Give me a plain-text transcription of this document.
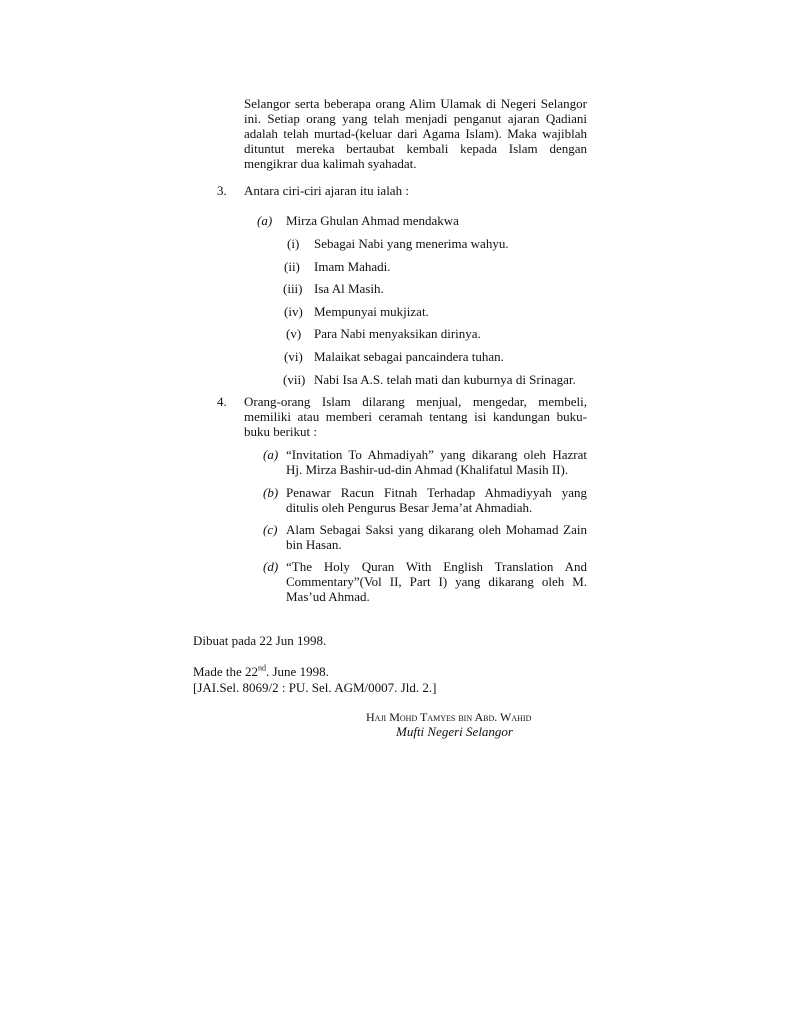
Selangor serta beberapa orang Alim Ulamak di Negeri Selangor ini. Setiap orang yang telah menjadi penganut ajaran Qadiani adalah telah murtad-(keluar dari Agama Islam). Maka wajiblah dituntut mereka bertaubat kembali kepada Islam dengan mengikrar dua kalimah syahadat.
3. Antara ciri-ciri ajaran itu ialah :
(a) Mirza Ghulan Ahmad mendakwa
(i) Sebagai Nabi yang menerima wahyu.
(ii) Imam Mahadi.
(iii) Isa Al Masih.
(iv) Mempunyai mukjizat.
(v) Para Nabi menyaksikan dirinya.
(vi) Malaikat sebagai pancaindera tuhan.
(vii) Nabi Isa A.S. telah mati dan kuburnya di Srinagar.
4. Orang-orang Islam dilarang menjual, mengedar, membeli, memiliki atau memberi ceramah tentang isi kandungan buku-buku berikut :
(a) “Invitation To Ahmadiyah” yang dikarang oleh Hazrat Hj. Mirza Bashir-ud-din Ahmad (Khalifatul Masih II).
(b) Penawar Racun Fitnah Terhadap Ahmadiyyah yang ditulis oleh Pengurus Besar Jema’at Ahmadiah.
(c) Alam Sebagai Saksi yang dikarang oleh Mohamad Zain bin Hasan.
(d) “The Holy Quran With English Translation And Commentary”(Vol II, Part I) yang dikarang oleh M. Mas’ud Ahmad.
Dibuat pada 22 Jun 1998.
Made the 22nd. June 1998.
[JAI.Sel. 8069/2 : PU. Sel. AGM/0007. Jld. 2.]
Haji Mohd Tamyes bin Abd. Wahid
Mufti Negeri Selangor
